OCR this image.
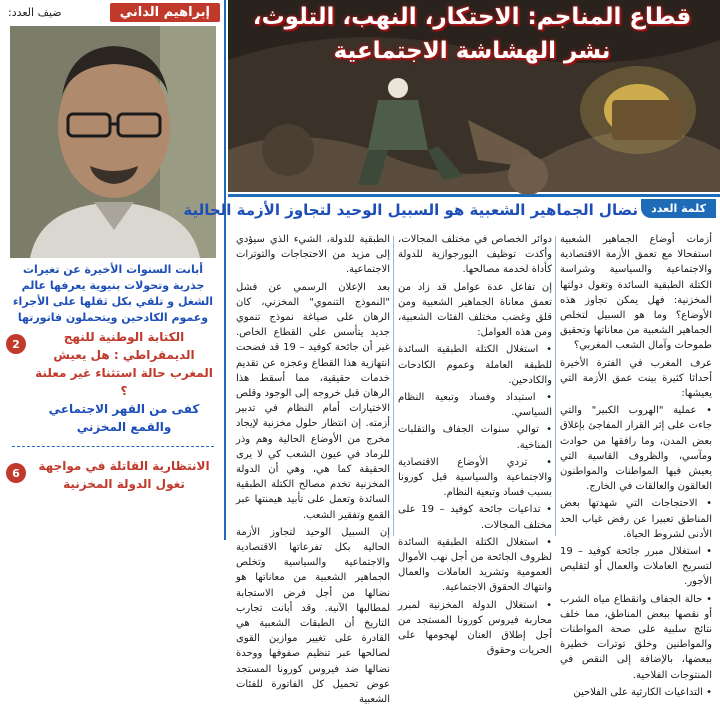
إبراهيم الداني
ضيف العدد:

أبانت السنوات الأخيرة عن تغيرات جذرية وتحولات بنيوية يعرفها عالم الشغل و تلقي بكل ثقلها على الأجراء وعموم الكادحين ويتحملون فاتورتها

2	الكتابة الوطنية للنهج الديمقراطي : هل يعيش المغرب حالة استثناء غير معلنة ؟
كفى من القهر الاجتماعي والقمع المخزني
6	الانتظارية القاتلة في مواجهة تغول الدولة المخزنية
قطاع المناجم: الاحتكار، النهب، التلوث،
نشر الهشاشة الاجتماعية
كلمة العدد
نضال الجماهير الشعبية هو السبيل الوحيد لتجاوز الأزمة الحالية

أزمات أوضاع الجماهير الشعبية استفحالا مع تعمق الأزمة الاقتصادية والاجتماعية والسياسية وشراسة الكتلة الطبقية السائدة وتغول دولتها المخزنية: فهل يمكن تجاوز هذه الأوضاع؟ وما هو السبيل لتخلص الجماهير الشعبية من معاناتها وتحقيق طموحات وآمال الشعب المغربي؟

عرف المغرب في الفترة الأخيرة أحداثا كثيرة بينت عمق الأزمة التي يعيشها:

• عملية "الهروب الكبير" والتي جاءت على إثر القرار المفاجئ بإغلاق بعض المدن، وما رافقها من حوادث ومآسي، والظروف القاسية التي يعيش فيها المواطنات والمواطنون العالقون والعالقات في الخارج.

• الاحتجاجات التي شهدتها بعض المناطق تعبيرا عن رفض غياب الحد الأدنى لشروط الحياة.

• استغلال مبرر جائحة كوفيد – 19 لتسريح العاملات والعمال أو لتقليص الأجور.

• حالة الجفاف وانقطاع مياه الشرب أو نقصها ببعض المناطق، مما خلف نتائج سلبية على صحة المواطنات والمواطنين وخلق توترات خطيرة ببعضها، بالإضافة إلى النقص في المنتوجات الفلاحية.

• التداعيات الكارثية على الفلاحين

دوائر الخصاص في مختلف المجالات، وأكدت توظيف البورجوازية للدولة كأداة لخدمة مصالحها.

إن تفاعل عدة عوامل قد زاد من تعمق معاناة الجماهير الشعبية ومن قلق وغضب مختلف الفئات الشعبية، ومن هذه العوامل:

• استغلال الكتلة الطبقية السائدة للطبقة العاملة وعموم الكادحات والكادحين.

• استبداد وفساد وتبعية النظام السياسي.

• توالي سنوات الجفاف والتقلبات المناخية.

• تردي الأوضاع الاقتصادية والاجتماعية والسياسية قبل كورونا بسبب فساد وتبعية النظام.

• تداعيات جائحة كوفيد – 19 على مختلف المجالات.

• استغلال الكتلة الطبقية السائدة لظروف الجائحة من أجل نهب الأموال العمومية وتشريد العاملات والعمال وانتهاك الحقوق الاجتماعية.

• استغلال الدولة المخزنية لمبرر محاربة فيروس كورونا المستجد من أجل إطلاق العنان لهجومها على الحريات وحقوق

الطبقية للدولة، الشيء الذي سيؤدي إلى مزيد من الاحتجاجات والتوترات الاجتماعية.

بعد الإعلان الرسمي عن فشل "النموذج التنموي" المخزني، كان الرهان على صياغة نموذج تنموي جديد يتأسس على القطاع الخاص. غير أن جائحة كوفيد – 19 قد فضحت انتهازية هذا القطاع وعجزه عن تقديم خدمات حقيقية، مما أسقط هذا الرهان قبل خروجه إلى الوجود وقلص الاختيارات أمام النظام في تدبير أزمته. إن انتظار حلول مخزنية لإيجاد مخرج من الأوضاع الحالية وهم وذر للرماد في عيون الشعب كي لا يرى الحقيقة كما هي، وهي أن الدولة المخزنية تخدم مصالح الكتلة الطبقية السائدة وتعمل على تأبيد هيمنتها عبر القمع وتفقير الشعب.

إن السبيل الوحيد لتجاوز الأزمة الحالية بكل تفرعاتها الاقتصادية والاجتماعية والسياسية وتخلص الجماهير الشعبية من معاناتها هو نضالها من أجل فرض الاستجابة لمطالبها الآنية. وقد أبانت تجارب التاريخ أن الطبقات الشعبية هي القادرة على تغيير موازين القوى لصالحها عبر تنظيم صفوفها ووحدة نضالها ضد فيروس كورونا المستجد عوض تحميل كل الفاتورة للفئات الشعبية
